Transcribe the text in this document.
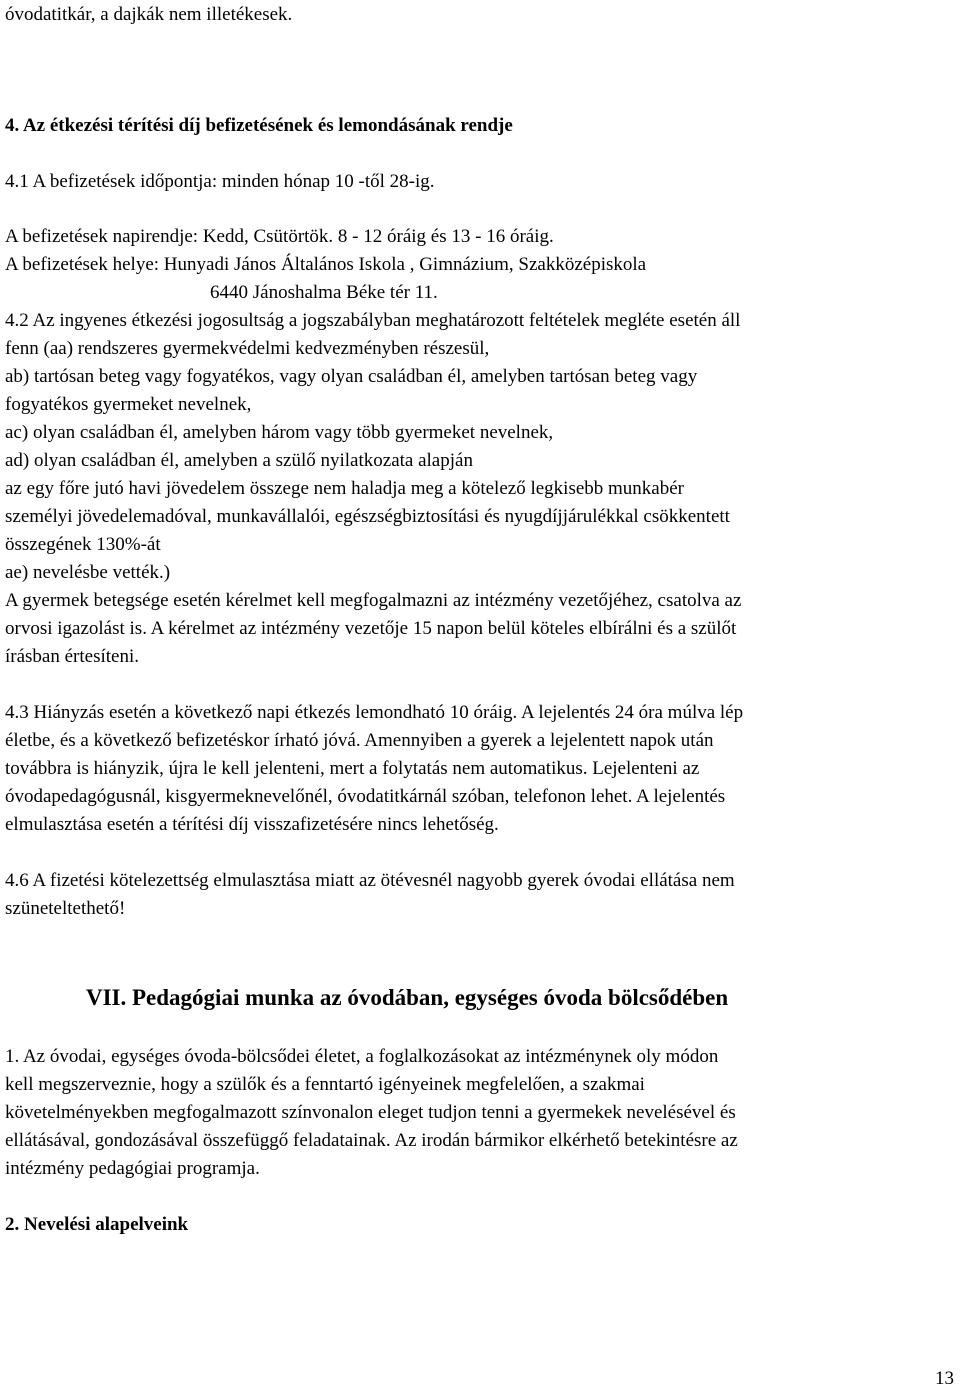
óvodatitkár, a dajkák nem illetékesek.
4. Az étkezési térítési díj befizetésének és lemondásának rendje
4.1 A befizetések időpontja: minden hónap 10 -től 28-ig.
A befizetések napirendje: Kedd, Csütörtök. 8 - 12 óráig és 13 - 16 óráig.
A befizetések helye: Hunyadi János Általános Iskola , Gimnázium, Szakközépiskola
6440 Jánoshalma Béke tér 11.
4.2 Az ingyenes étkezési jogosultság a jogszabályban meghatározott feltételek megléte esetén áll
fenn (aa) rendszeres gyermekvédelmi kedvezményben részesül,
ab) tartósan beteg vagy fogyatékos, vagy olyan családban él, amelyben tartósan beteg vagy
fogyatékos gyermeket nevelnek,
ac) olyan családban él, amelyben három vagy több gyermeket nevelnek,
ad) olyan családban él, amelyben a szülő nyilatkozata alapján
az egy főre jutó havi jövedelem összege nem haladja meg a kötelező legkisebb munkabér
személyi jövedelemadóval, munkavállalói, egészségbiztosítási és nyugdíjjárulékkal csökkentett
összegének 130%-át
ae) nevelésbe vették.)
A gyermek betegsége esetén kérelmet kell megfogalmazni az intézmény vezetőjéhez, csatolva az
orvosi igazolást is. A kérelmet az intézmény vezetője 15 napon belül köteles elbírálni és a szülőt
írásban értesíteni.
4.3 Hiányzás esetén a következő napi étkezés lemondható 10 óráig. A lejelentés 24 óra múlva lép
életbe, és a következő befizetéskor írható jóvá. Amennyiben a gyerek a lejelentett napok után
továbbra is hiányzik, újra le kell jelenteni, mert a folytatás nem automatikus. Lejelenteni az
óvodapedagógusnál, kisgyermeknevelőnél, óvodatitkárnál szóban, telefonon lehet. A lejelentés
elmulasztása esetén a térítési díj visszafizetésére nincs lehetőség.
4.6 A fizetési kötelezettség elmulasztása miatt az ötévesnél nagyobb gyerek óvodai ellátása nem
szüneteltethető!
VII. Pedagógiai munka az óvodában, egységes óvoda bölcsődében
1. Az óvodai, egységes óvoda-bölcsődei életet, a foglalkozásokat az intézménynek oly módon
kell megszerveznie, hogy a szülők és a fenntartó igényeinek megfelelően, a szakmai
követelményekben megfogalmazott színvonalon eleget tudjon tenni a gyermekek nevelésével és
ellátásával, gondozásával összefüggő feladatainak. Az irodán bármikor elkérhető betekintésre az
intézmény pedagógiai programja.
2. Nevelési alapelveink
13
